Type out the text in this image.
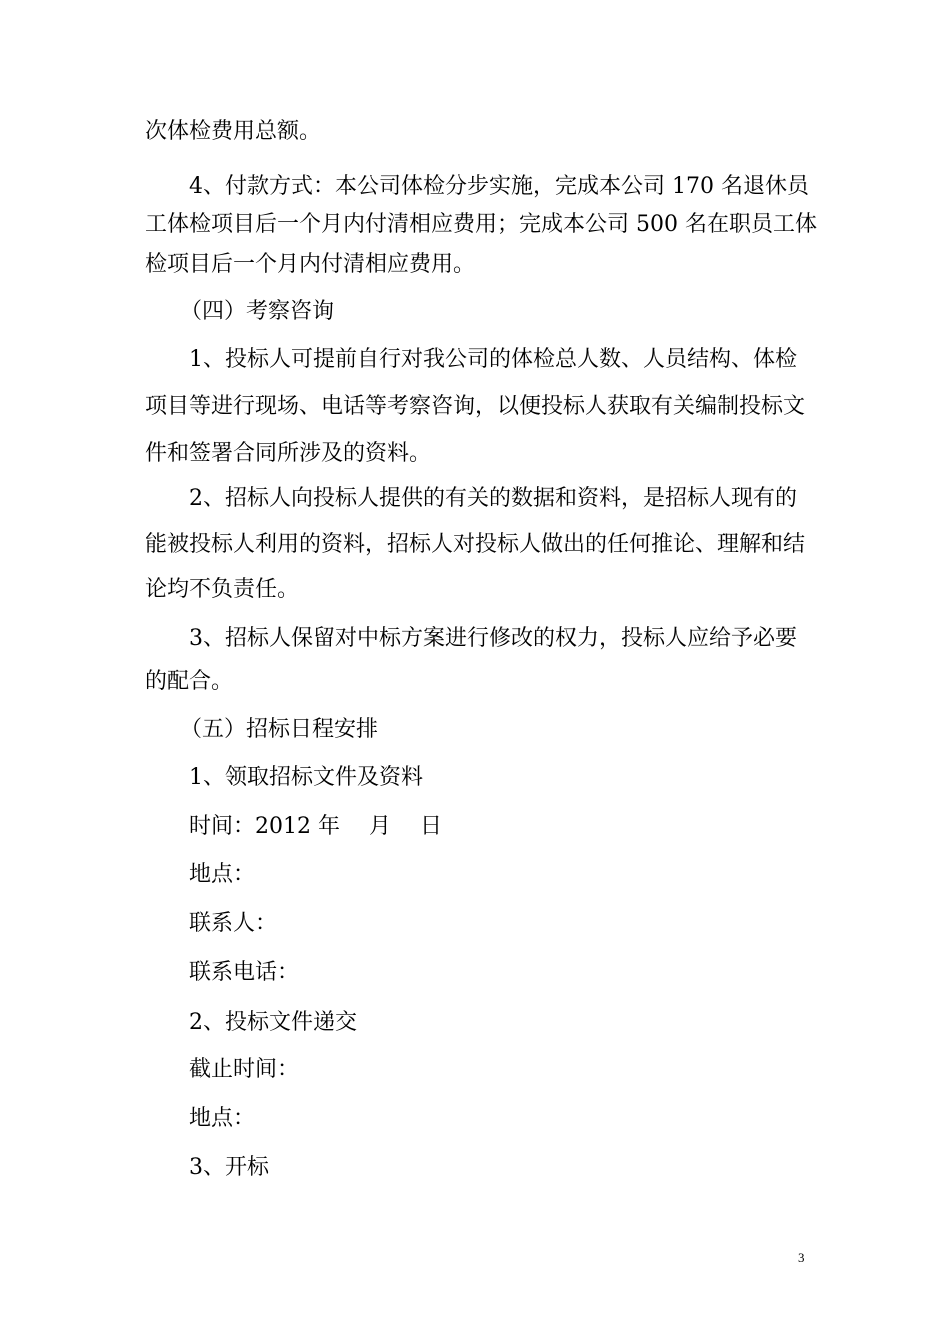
次体检费用总额。
4、付款方式：本公司体检分步实施，完成本公司 170 名退休员
工体检项目后一个月内付清相应费用；完成本公司 500 名在职员工体
检项目后一个月内付清相应费用。
（四）考察咨询
1、投标人可提前自行对我公司的体检总人数、人员结构、体检
项目等进行现场、电话等考察咨询，以便投标人获取有关编制投标文
件和签署合同所涉及的资料。
2、招标人向投标人提供的有关的数据和资料，是招标人现有的
能被投标人利用的资料，招标人对投标人做出的任何推论、理解和结
论均不负责任。
3、招标人保留对中标方案进行修改的权力，投标人应给予必要
的配合。
（五）招标日程安排
1、领取招标文件及资料
时间：2012 年　 月　 日
地点：
联系人：
联系电话：
2、投标文件递交
截止时间：
地点：
3、开标
3
